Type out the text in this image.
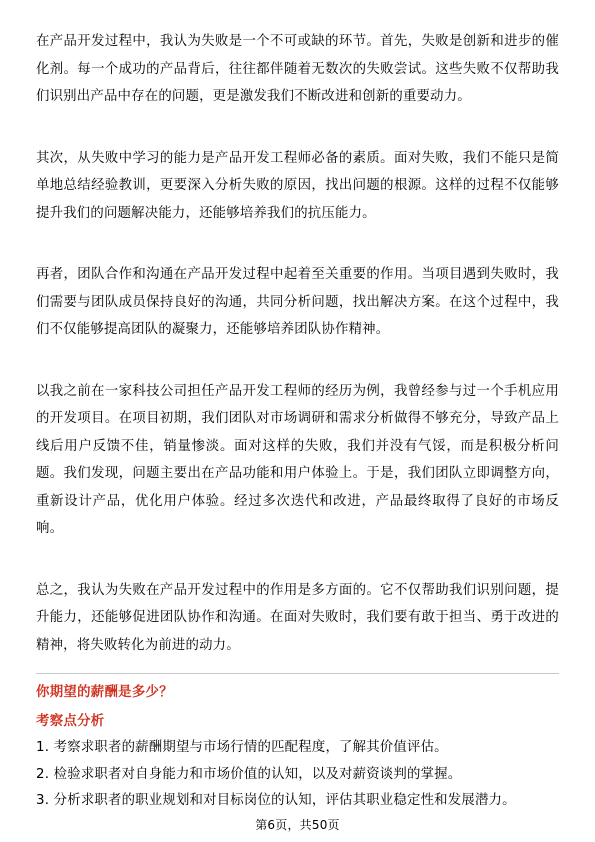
在产品开发过程中，我认为失败是一个不可或缺的环节。首先，失败是创新和进步的催化剂。每一个成功的产品背后，往往都伴随着无数次的失败尝试。这些失败不仅帮助我们识别出产品中存在的问题，更是激发我们不断改进和创新的重要动力。

其次，从失败中学习的能力是产品开发工程师必备的素质。面对失败，我们不能只是简单地总结经验教训，更要深入分析失败的原因，找出问题的根源。这样的过程不仅能够提升我们的问题解决能力，还能够培养我们的抗压能力。

再者，团队合作和沟通在产品开发过程中起着至关重要的作用。当项目遇到失败时，我们需要与团队成员保持良好的沟通，共同分析问题，找出解决方案。在这个过程中，我们不仅能够提高团队的凝聚力，还能够培养团队协作精神。

以我之前在一家科技公司担任产品开发工程师的经历为例，我曾经参与过一个手机应用的开发项目。在项目初期，我们团队对市场调研和需求分析做得不够充分，导致产品上线后用户反馈不佳，销量惨淡。面对这样的失败，我们并没有气馁，而是积极分析问题。我们发现，问题主要出在产品功能和用户体验上。于是，我们团队立即调整方向，重新设计产品，优化用户体验。经过多次迭代和改进，产品最终取得了良好的市场反响。

总之，我认为失败在产品开发过程中的作用是多方面的。它不仅帮助我们识别问题，提升能力，还能够促进团队协作和沟通。在面对失败时，我们要有敢于担当、勇于改进的精神，将失败转化为前进的动力。

你期望的薪酬是多少？
考察点分析
1. 考察求职者的薪酬期望与市场行情的匹配程度，了解其价值评估。
2. 检验求职者对自身能力和市场价值的认知，以及对薪资谈判的掌握。
3. 分析求职者的职业规划和对目标岗位的认知，评估其职业稳定性和发展潜力。
第6页，共50页
